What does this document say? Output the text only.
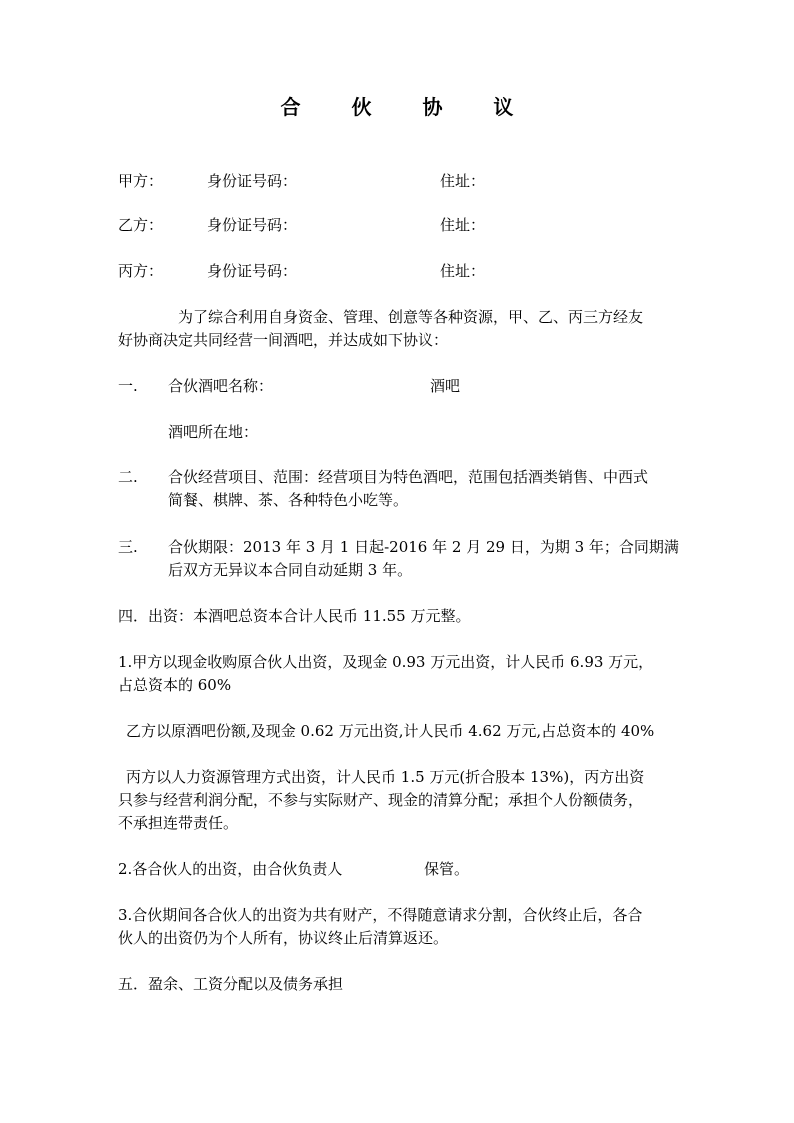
合 伙 协 议
甲方：	身份证号码：	住址：
乙方：	身份证号码：	住址：
丙方：	身份证号码：	住址：
为了综合利用自身资金、管理、创意等各种资源，甲、乙、丙三方经友
好协商决定共同经营一间酒吧，并达成如下协议：
一. 合伙酒吧名称：	酒吧
酒吧所在地：
二. 合伙经营项目、范围：经营项目为特色酒吧，范围包括酒类销售、中西式
简餐、棋牌、茶、各种特色小吃等。
三. 合伙期限：2013 年 3 月 1 日起-2016 年 2 月 29 日，为期 3 年；合同期满
后双方无异议本合同自动延期 3 年。
四．出资：本酒吧总资本合计人民币 11.55 万元整。
1.甲方以现金收购原合伙人出资，及现金 0.93 万元出资，计人民币 6.93 万元，
占总资本的 60%
乙方以原酒吧份额,及现金 0.62 万元出资,计人民币 4.62 万元,占总资本的 40%
丙方以人力资源管理方式出资，计人民币 1.5 万元(折合股本 13%)，丙方出资
只参与经营利润分配，不参与实际财产、现金的清算分配；承担个人份额债务，
不承担连带责任。
2.各合伙人的出资，由合伙负责人	保管。
3.合伙期间各合伙人的出资为共有财产，不得随意请求分割，合伙终止后，各合
伙人的出资仍为个人所有，协议终止后清算返还。
五．盈余、工资分配以及债务承担
